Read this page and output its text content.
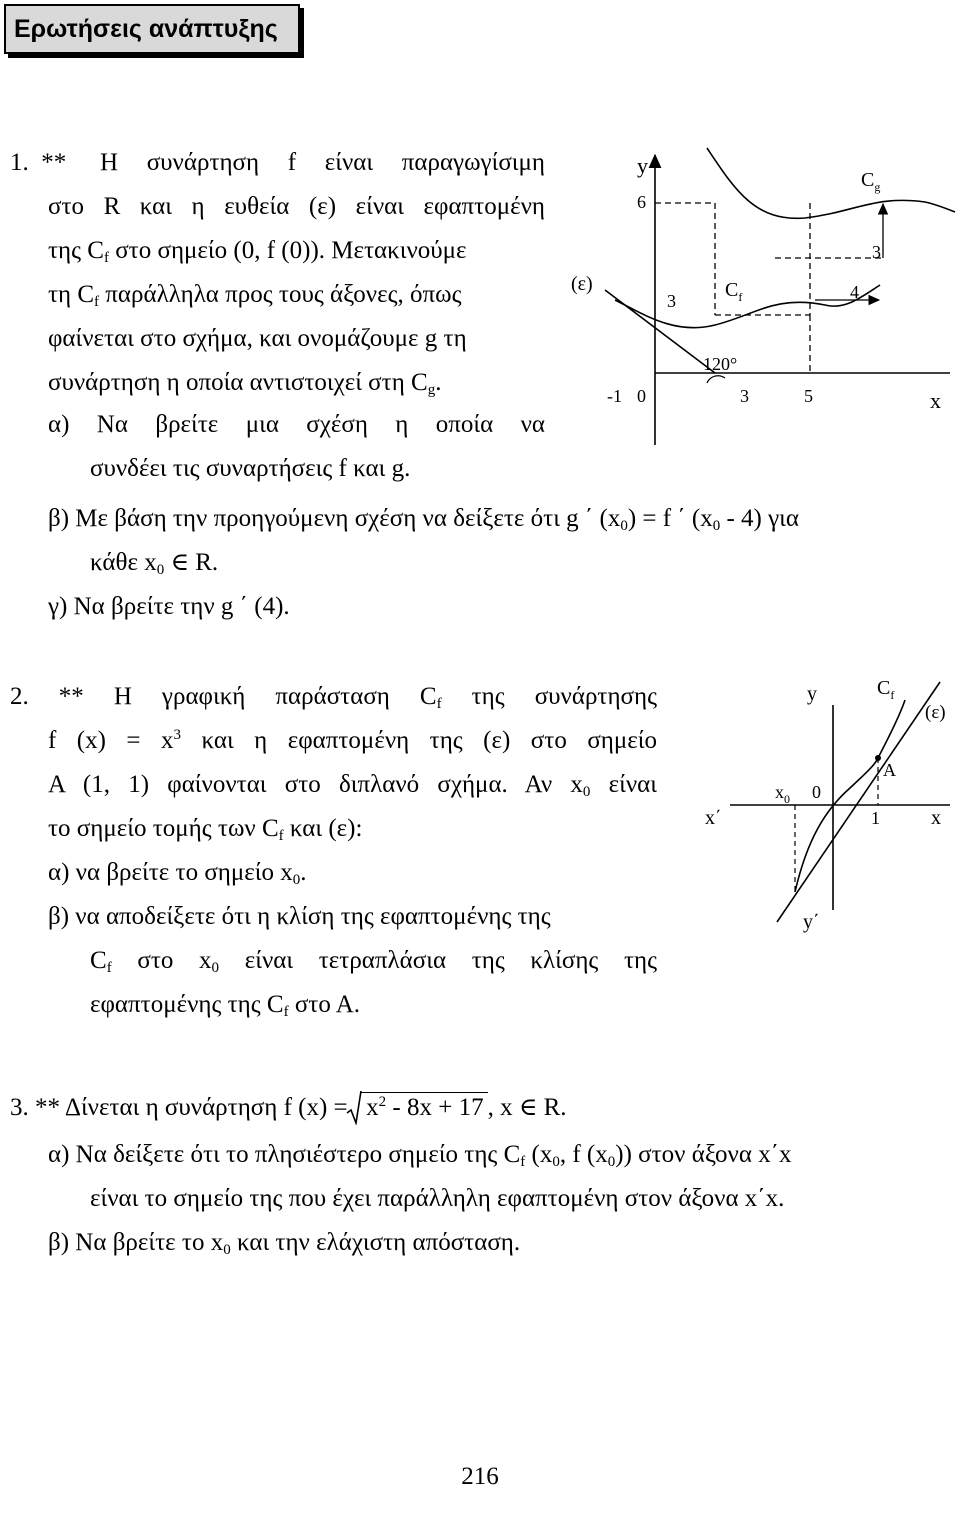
Ερωτήσεις ανάπτυξης
1. ** Η συνάρτηση f είναι παραγωγίσιμη
στο R και η ευθεία (ε) είναι εφαπτομένη
της $C_f$ στο σημείο (0, f (0)). Μετακινούμε
τη $C_f$ παράλληλα προς τους άξονες, όπως
φαίνεται στο σχήμα, και ονομάζουμε g τη
συνάρτηση η οποία αντιστοιχεί στη $C_g$.
α) Να βρείτε μια σχέση η οποία να
συνδέει τις συναρτήσεις f και g.
β) Με βάση την προηγούμενη σχέση να δείξετε ότι g ΄ $(x_0) = f$ ΄ $(x_0 - 4)$ για
κάθε $x_0$ ∈ R.
γ) Να βρείτε την g ΄ (4).
y
6
(ε)
3 $C_f$
$C_g$
3
4
120°
-1 0	3	5	x
2. ** Η γραφική παράσταση $C_f$ της συνάρτησης
f $(x) = x^3$ και η εφαπτομένη της (ε) στο σημείο
Α (1, 1) φαίνονται στο διπλανό σχήμα. Αν $x_0$ είναι
το σημείο τομής των $C_f$ και (ε):
α) να βρείτε το σημείο $x_0$.
β) να αποδείξετε ότι η κλίση της εφαπτομένης της
$C_f$ στο $x_0$ είναι τετραπλάσια της κλίσης της
εφαπτομένης της $C_f$ στο Α.
y	$C_f$
(ε)
A
$x_0$ 0
x΄	1	x
y΄
3. ** Δίνεται η συνάρτηση f $(x) = x^2 - 8x + 17$ , x ∈ R.
α) Να δείξετε ότι το πλησιέστερο σημείο της $C_f$ ($x_0$, f $(x_0)$) στον άξονα x΄x
είναι το σημείο της που έχει παράλληλη εφαπτομένη στον άξονα x΄x.
β) Να βρείτε το $x_0$ και την ελάχιστη απόσταση.
216
